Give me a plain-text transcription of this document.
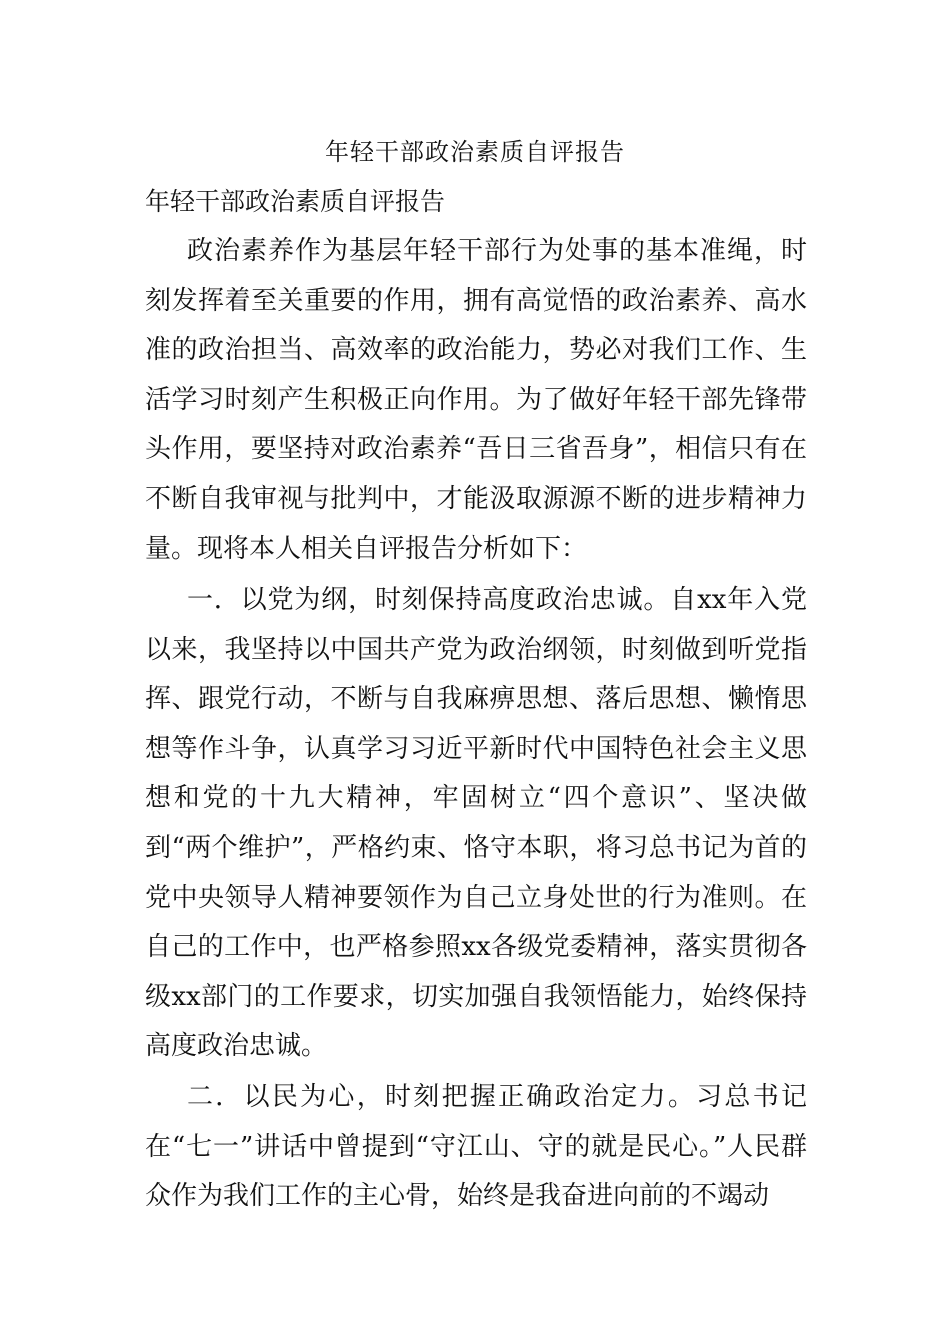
年轻干部政治素质自评报告
年轻干部政治素质自评报告

政治素养作为基层年轻干部行为处事的基本准绳，时刻发挥着至关重要的作用，拥有高觉悟的政治素养、高水准的政治担当、高效率的政治能力，势必对我们工作、生活学习时刻产生积极正向作用。为了做好年轻干部先锋带头作用，要坚持对政治素养“吾日三省吾身”，相信只有在不断自我审视与批判中，才能汲取源源不断的进步精神力量。现将本人相关自评报告分析如下：

一．以党为纲，时刻保持高度政治忠诚。自xx年入党以来，我坚持以中国共产党为政治纲领，时刻做到听党指挥、跟党行动，不断与自我麻痹思想、落后思想、懒惰思想等作斗争，认真学习习近平新时代中国特色社会主义思想和党的十九大精神，牢固树立“四个意识”、坚决做到“两个维护”，严格约束、恪守本职，将习总书记为首的党中央领导人精神要领作为自己立身处世的行为准则。在自己的工作中，也严格参照xx各级党委精神，落实贯彻各级xx部门的工作要求，切实加强自我领悟能力，始终保持高度政治忠诚。

二．以民为心，时刻把握正确政治定力。习总书记在“七一”讲话中曾提到“守江山、守的就是民心。”人民群众作为我们工作的主心骨，始终是我奋进向前的不竭动
